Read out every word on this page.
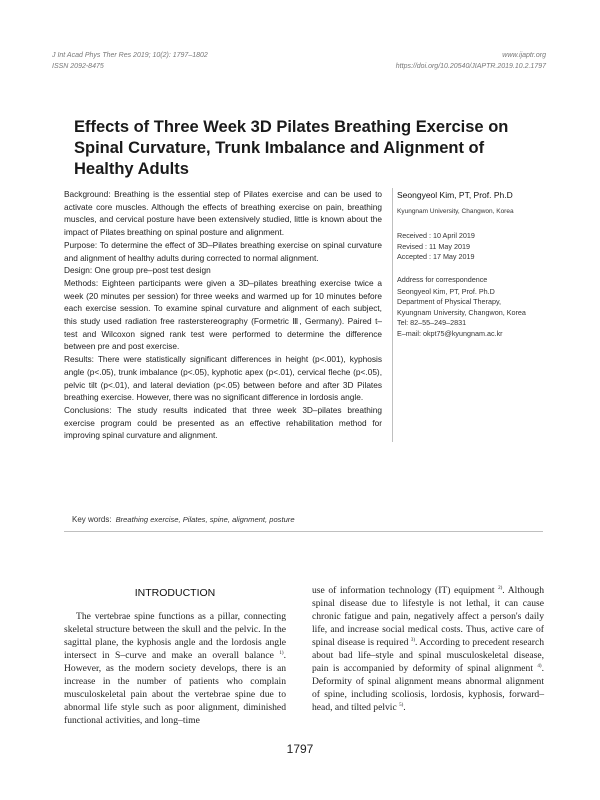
J Int Acad Phys Ther Res 2019; 10(2): 1797–1802
ISSN 2092-8475
www.ijaptr.org
https://doi.org/10.20540/JIAPTR.2019.10.2.1797
Effects of Three Week 3D Pilates Breathing Exercise on Spinal Curvature, Trunk Imbalance and Alignment of Healthy Adults

Background: Breathing is the essential step of Pilates exercise and can be used to activate core muscles. Although the effects of breathing exercise on pain, breathing muscles, and cervical posture have been extensively studied, little is known about the impact of Pilates breathing on spinal posture and alignment.

Purpose: To determine the effect of 3D–Pilates breathing exercise on spinal curvature and alignment of healthy adults during corrected to normal alignment.

Design: One group pre–post test design

Methods: Eighteen participants were given a 3D–pilates breathing exercise twice a week (20 minutes per session) for three weeks and warmed up for 10 minutes before each exercise session. To examine spinal curvature and alignment of each subject, this study used radiation free rasterstereography (Formetric Ⅲ, Germany). Paired t–test and Wilcoxon signed rank test were performed to determine the difference between pre and post exercise.

Results: There were statistically significant differences in height (p<.001), kyphosis angle (p<.05), trunk imbalance (p<.05), kyphotic apex (p<.01), cervical fleche (p<.05), pelvic tilt (p<.01), and lateral deviation (p<.05) between before and after 3D Pilates breathing exercise. However, there was no significant difference in lordosis angle.

Conclusions: The study results indicated that three week 3D–pilates breathing exercise program could be presented as an effective rehabilitation method for improving spinal curvature and alignment.

Seongyeol Kim, PT, Prof. Ph.D
Kyungnam University, Changwon, Korea
Received : 10 April 2019
Revised : 11 May 2019
Accepted : 17 May 2019
Address for correspondence
Seongyeol Kim, PT, Prof. Ph.D
Department of Physical Therapy,
Kyungnam University, Changwon, Korea
Tel: 82–55–249–2831
E–mail: okpt75@kyungnam.ac.kr
Key words: Breathing exercise, Pilates, spine, alignment, posture
INTRODUCTION
The vertebrae spine functions as a pillar, connecting skeletal structure between the skull and the pelvic. In the sagittal plane, the kyphosis angle and the lordosis angle intersect in S–curve and make an overall balance $^{1)}$. However, as the modern society develops, there is an increase in the number of patients who complain musculoskeletal pain about the vertebrae spine due to abnormal life style such as poor alignment, diminished functional activities, and long–time
use of information technology (IT) equipment $^{2)}$. Although spinal disease due to lifestyle is not lethal, it can cause chronic fatigue and pain, negatively affect a person's daily life, and increase social medical costs. Thus, active care of spinal disease is required $^{3)}$. According to precedent research about bad life–style and spinal musculoskeletal disease, pain is accompanied by deformity of spinal alignment $^{4)}$. Deformity of spinal alignment means abnormal alignment of spine, including scoliosis, lordosis, kyphosis, forward–head, and tilted pelvic $^{5)}$.
1797
